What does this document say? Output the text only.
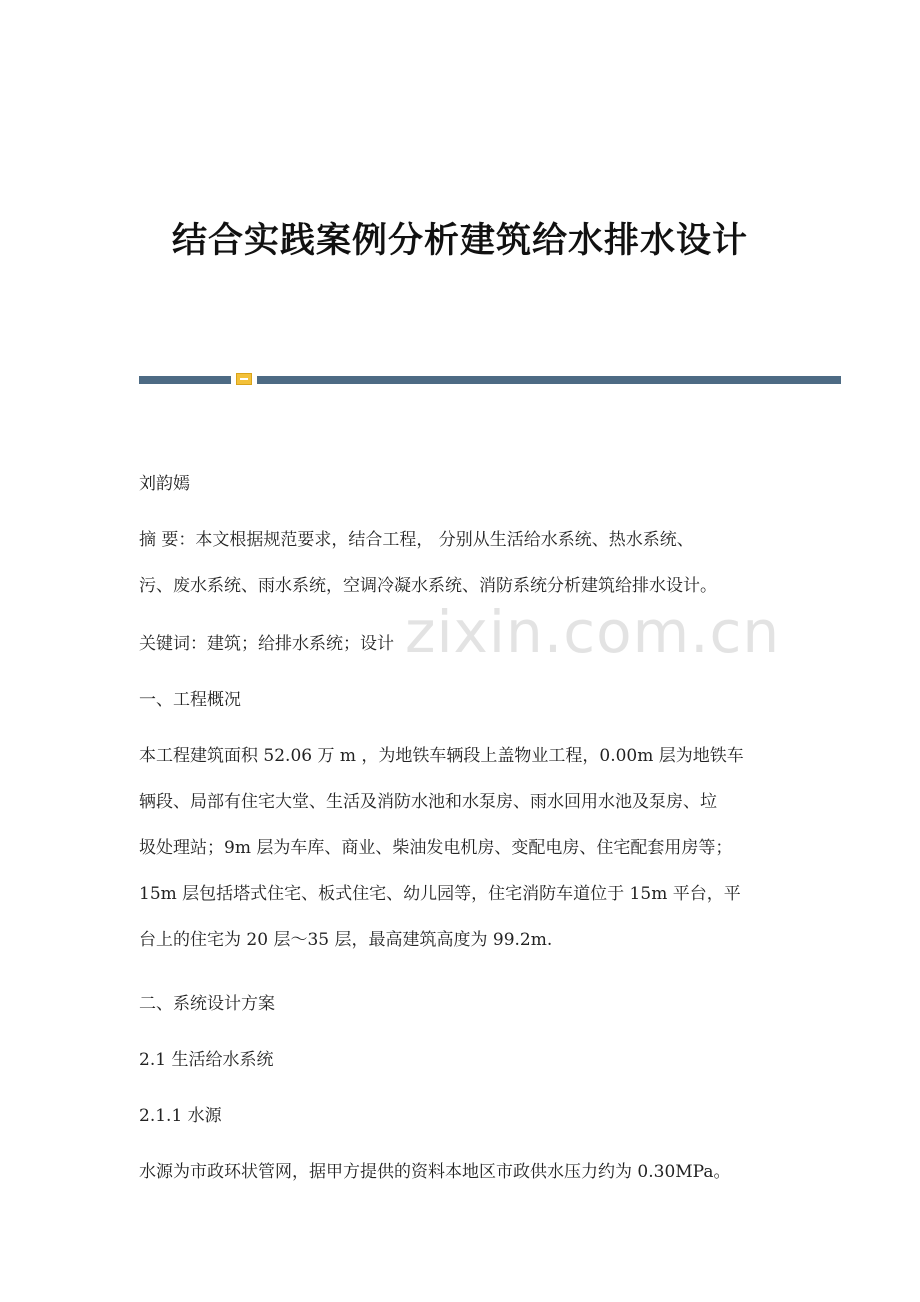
结合实践案例分析建筑给水排水设计
zixin.com.cn
刘韵嫣
摘 要：本文根据规范要求，结合工程， 分别从生活给水系统、热水系统、
污、废水系统、雨水系统，空调冷凝水系统、消防系统分析建筑给排水设计。
关键词：建筑；给排水系统；设计
一、工程概况
本工程建筑面积 52.06 万 m ，为地铁车辆段上盖物业工程，0.00m 层为地铁车
辆段、局部有住宅大堂、生活及消防水池和水泵房、雨水回用水池及泵房、垃
圾处理站；9m 层为车库、商业、柴油发电机房、变配电房、住宅配套用房等；
15m 层包括塔式住宅、板式住宅、幼儿园等，住宅消防车道位于 15m 平台，平
台上的住宅为 20 层～35 层，最高建筑高度为 99.2m.
二、系统设计方案
2.1 生活给水系统
2.1.1 水源
水源为市政环状管网，据甲方提供的资料本地区市政供水压力约为 0.30MPa。
